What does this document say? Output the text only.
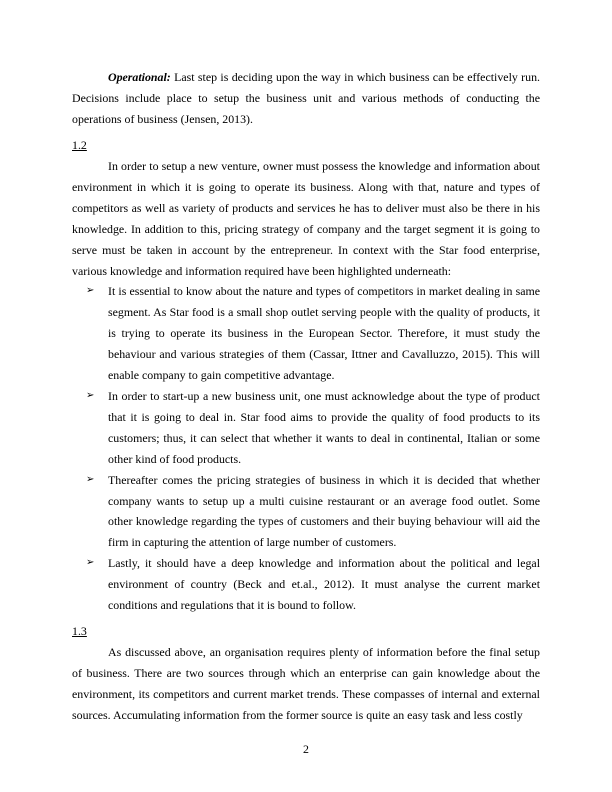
Operational: Last step is deciding upon the way in which business can be effectively run. Decisions include place to setup the business unit and various methods of conducting the operations of business (Jensen, 2013).

1.2

In order to setup a new venture, owner must possess the knowledge and information about environment in which it is going to operate its business. Along with that, nature and types of competitors as well as variety of products and services he has to deliver must also be there in his knowledge. In addition to this, pricing strategy of company and the target segment it is going to serve must be taken in account by the entrepreneur. In context with the Star food enterprise, various knowledge and information required have been highlighted underneath:

➢ It is essential to know about the nature and types of competitors in market dealing in same segment. As Star food is a small shop outlet serving people with the quality of products, it is trying to operate its business in the European Sector. Therefore, it must study the behaviour and various strategies of them (Cassar, Ittner and Cavalluzzo, 2015). This will enable company to gain competitive advantage.
➢ In order to start-up a new business unit, one must acknowledge about the type of product that it is going to deal in. Star food aims to provide the quality of food products to its customers; thus, it can select that whether it wants to deal in continental, Italian or some other kind of food products.
➢ Thereafter comes the pricing strategies of business in which it is decided that whether company wants to setup up a multi cuisine restaurant or an average food outlet. Some other knowledge regarding the types of customers and their buying behaviour will aid the firm in capturing the attention of large number of customers.
➢ Lastly, it should have a deep knowledge and information about the political and legal environment of country (Beck and et.al., 2012). It must analyse the current market conditions and regulations that it is bound to follow.

1.3

As discussed above, an organisation requires plenty of information before the final setup of business. There are two sources through which an enterprise can gain knowledge about the environment, its competitors and current market trends. These compasses of internal and external sources. Accumulating information from the former source is quite an easy task and less costly

2
